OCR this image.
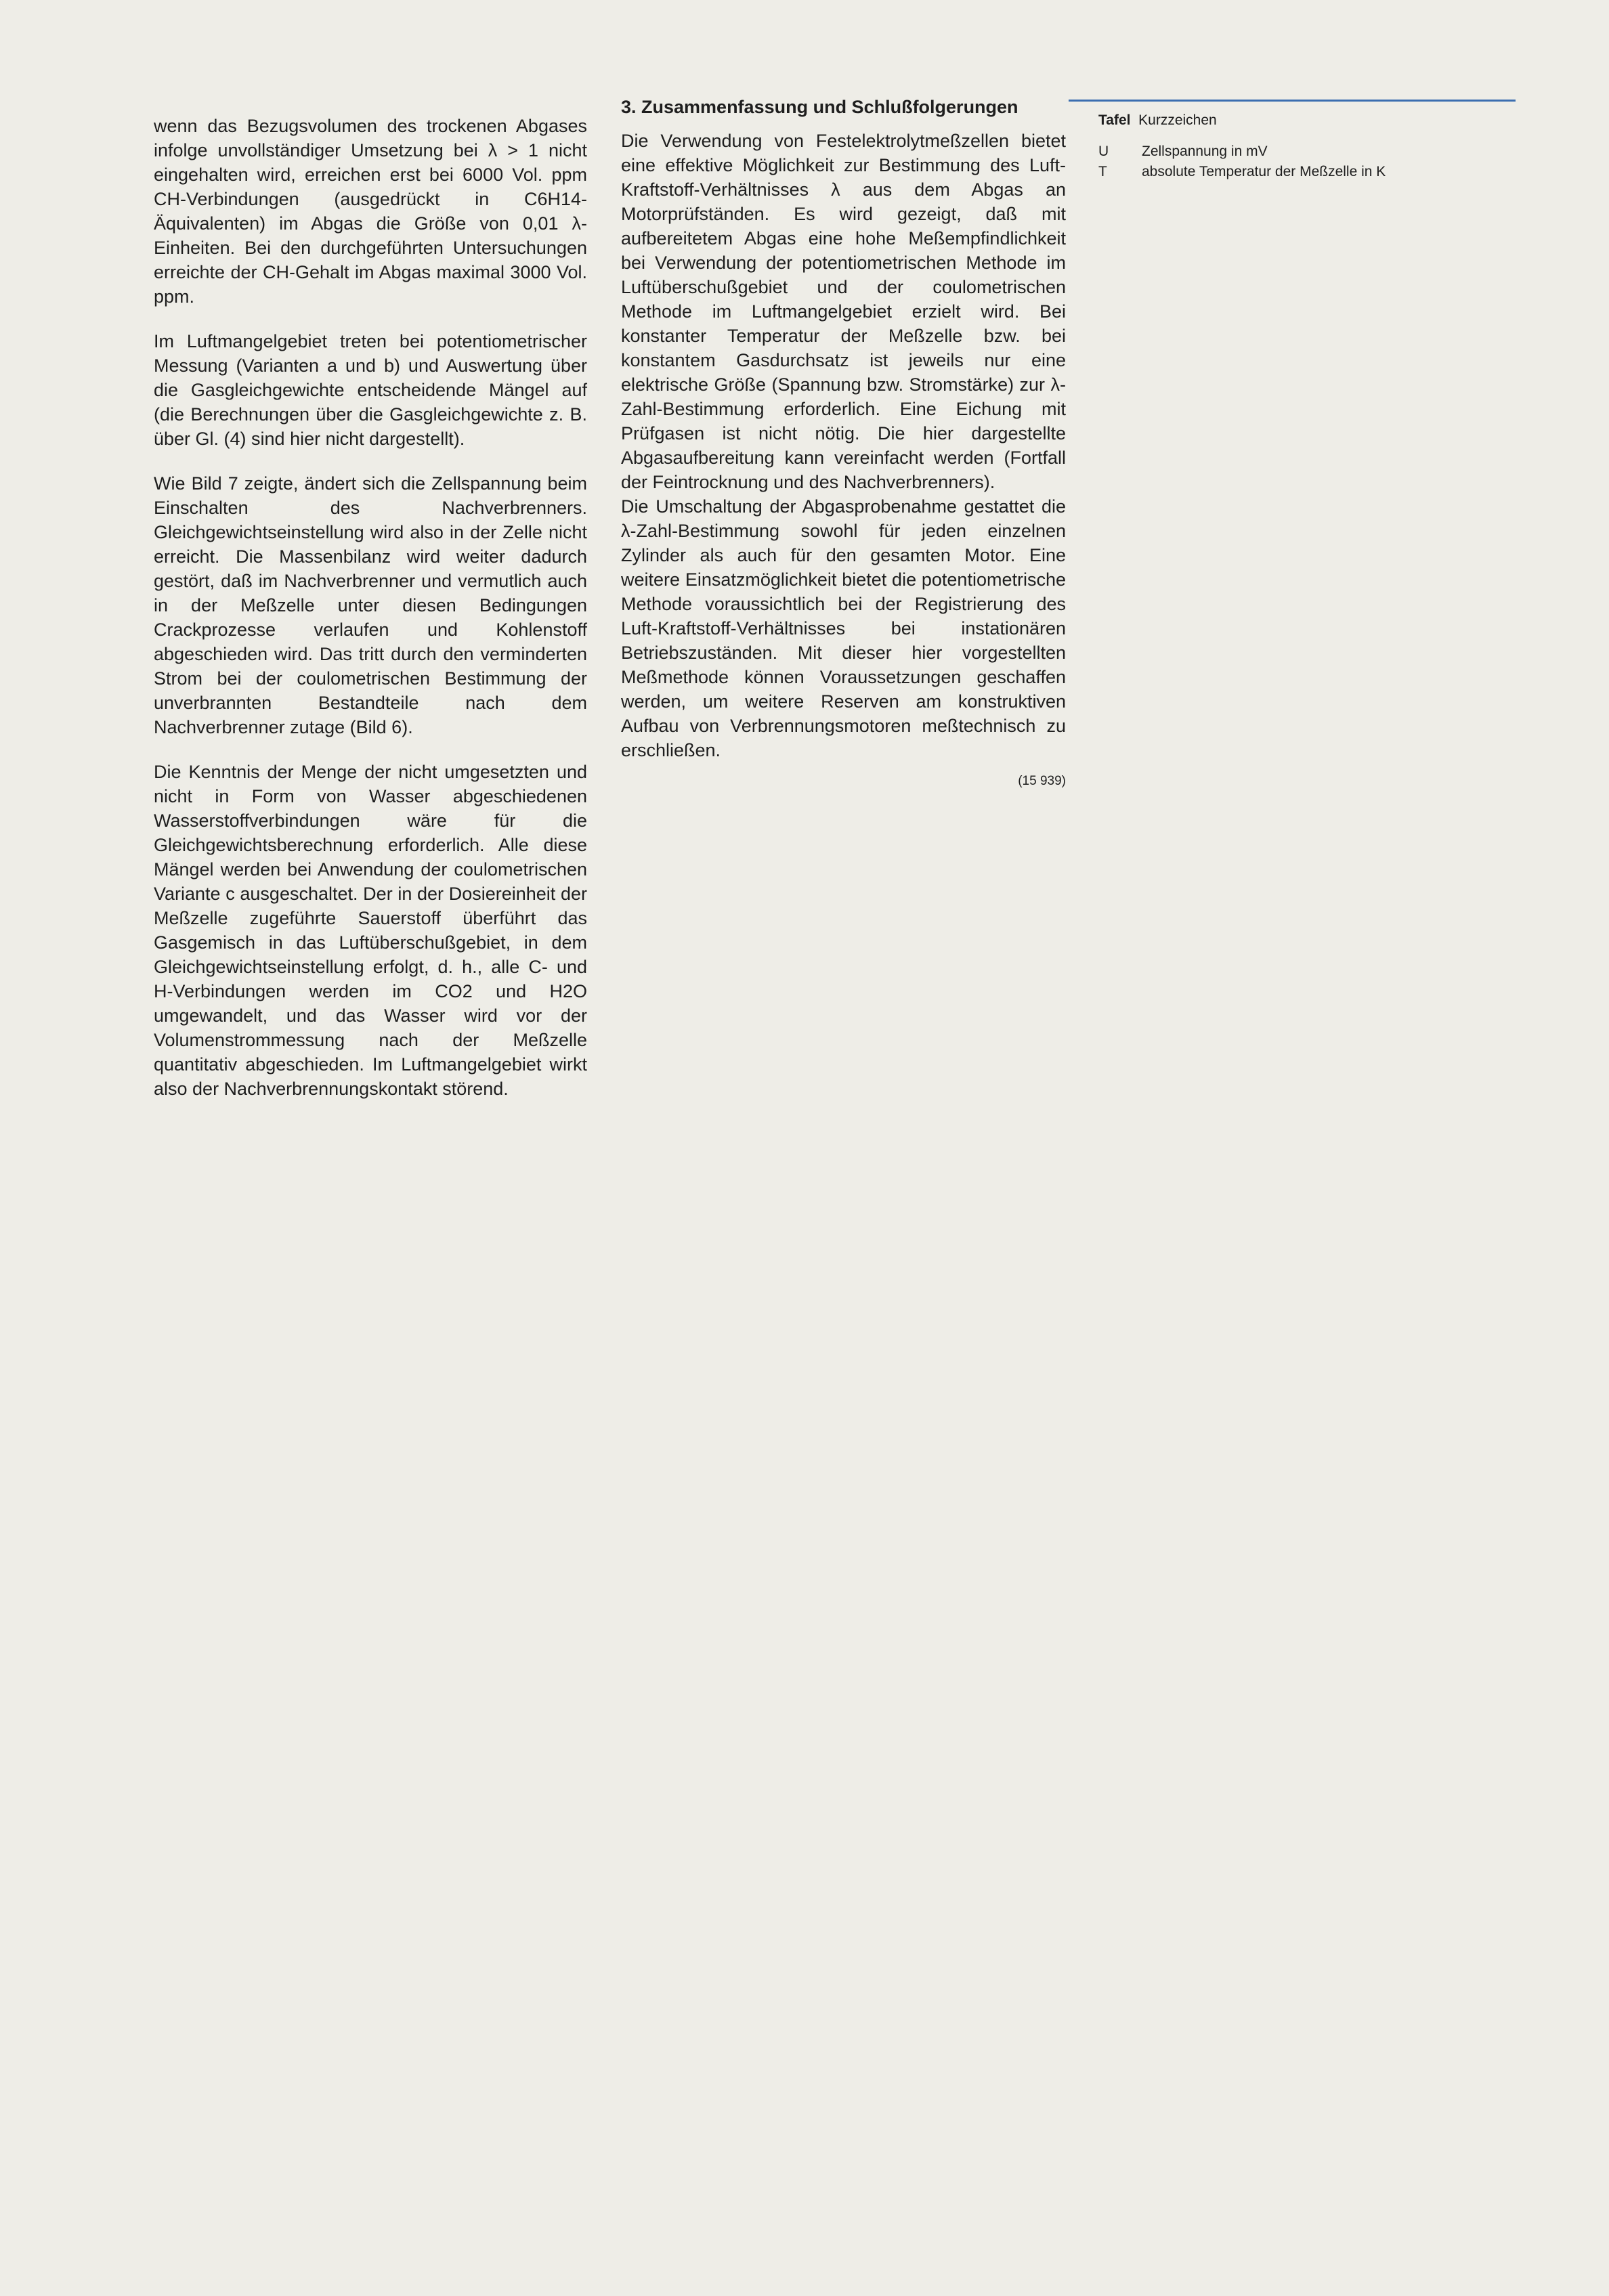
wenn das Bezugsvolumen des trockenen Abgases infolge unvollständiger Umsetzung bei λ > 1 nicht eingehalten wird, erreichen erst bei 6000 Vol. ppm CH-Verbindungen (ausgedrückt in C6H14-Äquivalenten) im Abgas die Größe von 0,01 λ-Einheiten. Bei den durchgeführten Untersuchungen erreichte der CH-Gehalt im Abgas maximal 3000 Vol. ppm.

Im Luftmangelgebiet treten bei potentiometrischer Messung (Varianten a und b) und Auswertung über die Gasgleichgewichte entscheidende Mängel auf (die Berechnungen über die Gasgleichgewichte z. B. über Gl. (4) sind hier nicht dargestellt).

Wie Bild 7 zeigte, ändert sich die Zellspannung beim Einschalten des Nachverbrenners. Gleichgewichtseinstellung wird also in der Zelle nicht erreicht. Die Massenbilanz wird weiter dadurch gestört, daß im Nachverbrenner und vermutlich auch in der Meßzelle unter diesen Bedingungen Crackprozesse verlaufen und Kohlenstoff abgeschieden wird. Das tritt durch den verminderten Strom bei der coulometrischen Bestimmung der unverbrannten Bestandteile nach dem Nachverbrenner zutage (Bild 6).

Die Kenntnis der Menge der nicht umgesetzten und nicht in Form von Wasser abgeschiedenen Wasserstoffverbindungen wäre für die Gleichgewichtsberechnung erforderlich. Alle diese Mängel werden bei Anwendung der coulometrischen Variante c ausgeschaltet. Der in der Dosiereinheit der Meßzelle zugeführte Sauerstoff überführt das Gasgemisch in das Luftüberschußgebiet, in dem Gleichgewichtseinstellung erfolgt, d. h., alle C- und H-Verbindungen werden im CO2 und H2O umgewandelt, und das Wasser wird vor der Volumenstrommessung nach der Meßzelle quantitativ abgeschieden. Im Luftmangelgebiet wirkt also der Nachverbrennungskontakt störend.

3. Zusammenfassung und Schlußfolgerungen

Die Verwendung von Festelektrolytmeßzellen bietet eine effektive Möglichkeit zur Bestimmung des Luft-Kraftstoff-Verhältnisses λ aus dem Abgas an Motorprüfständen. Es wird gezeigt, daß mit aufbereitetem Abgas eine hohe Meßempfindlichkeit bei Verwendung der potentiometrischen Methode im Luftüberschußgebiet und der coulometrischen Methode im Luftmangelgebiet erzielt wird. Bei konstanter Temperatur der Meßzelle bzw. bei konstantem Gasdurchsatz ist jeweils nur eine elektrische Größe (Spannung bzw. Stromstärke) zur λ-Zahl-Bestimmung erforderlich. Eine Eichung mit Prüfgasen ist nicht nötig. Die hier dargestellte Abgasaufbereitung kann vereinfacht werden (Fortfall der Feintrocknung und des Nachverbrenners).

Die Umschaltung der Abgasprobenahme gestattet die λ-Zahl-Bestimmung sowohl für jeden einzelnen Zylinder als auch für den gesamten Motor. Eine weitere Einsatzmöglichkeit bietet die potentiometrische Methode voraussichtlich bei der Registrierung des Luft-Kraftstoff-Verhältnisses bei instationären Betriebszuständen. Mit dieser hier vorgestellten Meßmethode können Voraussetzungen geschaffen werden, um weitere Reserven am konstruktiven Aufbau von Verbrennungsmotoren meßtechnisch zu erschließen.

(15 939)
Tafel Kurzzeichen
U	Zellspannung in mV
T	absolute Temperatur der Meßzelle in K
